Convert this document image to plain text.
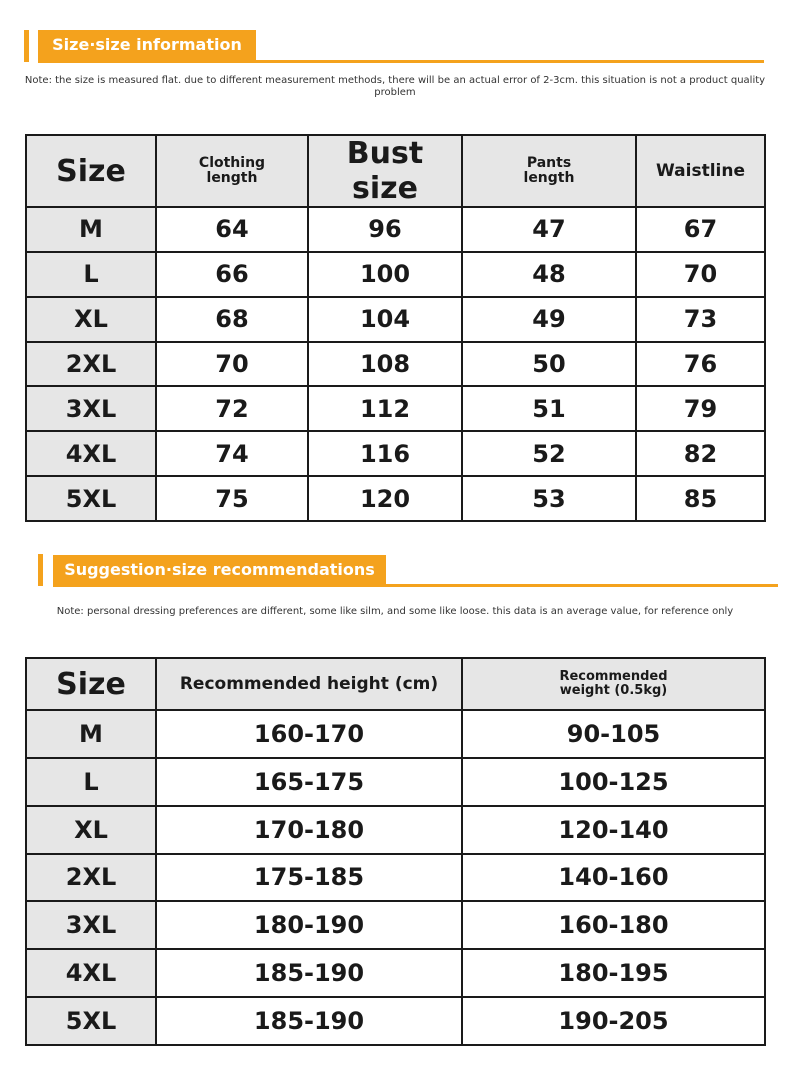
Size·size information
Note: the size is measured flat. due to different measurement methods, there will be an actual error of 2-3cm. this situation is not a product quality problem
Size	Clothing length	Bust size	Pants length	Waistline
M	64	96	47	67
L	66	100	48	70
XL	68	104	49	73
2XL	70	108	50	76
3XL	72	112	51	79
4XL	74	116	52	82
5XL	75	120	53	85
Suggestion·size recommendations
Note: personal dressing preferences are different, some like silm, and some like loose. this data is an average value, for reference only
Size	Recommended height (cm)	Recommended weight (0.5kg)

M	160-170	90-105
L	165-175	100-125
XL	170-180	120-140
2XL	175-185	140-160
3XL	180-190	160-180
4XL	185-190	180-195
5XL	185-190	190-205
